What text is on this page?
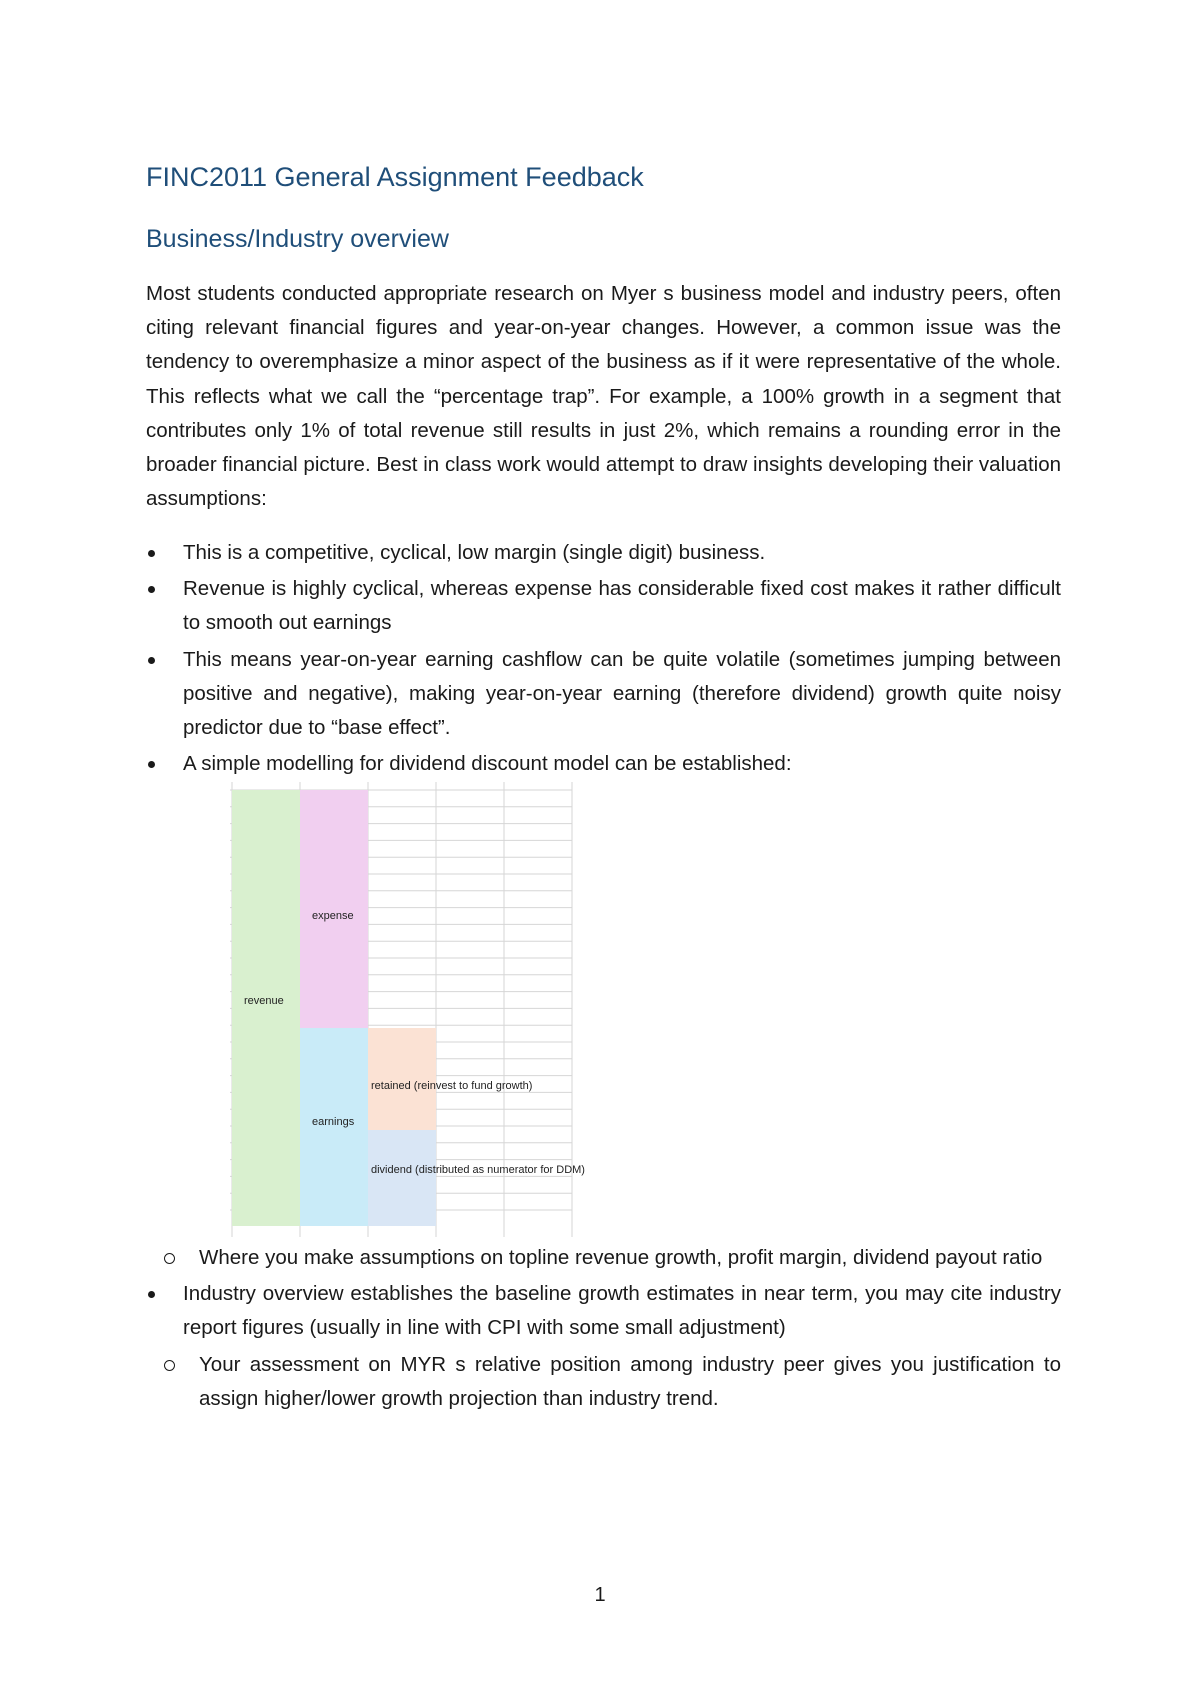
FINC2011 General Assignment Feedback
Business/Industry overview

Most students conducted appropriate research on Myer s business model and industry peers, often citing relevant financial figures and year-on-year changes. However, a common issue was the tendency to overemphasize a minor aspect of the business as if it were representative of the whole. This reflects what we call the “percentage trap”. For example, a 100% growth in a segment that contributes only 1% of total revenue still results in just 2%, which remains a rounding error in the broader financial picture. Best in class work would attempt to draw insights developing their valuation assumptions:

This is a competitive, cyclical, low margin (single digit) business.
Revenue is highly cyclical, whereas expense has considerable fixed cost makes it rather difficult to smooth out earnings
This means year-on-year earning cashflow can be quite volatile (sometimes jumping between positive and negative), making year-on-year earning (therefore dividend) growth quite noisy predictor due to “base effect”.
A simple modelling for dividend discount model can be established:
revenue
expense
earnings
retained (reinvest to fund growth)
dividend (distributed as numerator for DDM)
Where you make assumptions on topline revenue growth, profit margin, dividend payout ratio
Industry overview establishes the baseline growth estimates in near term, you may cite industry report figures (usually in line with CPI with some small adjustment)
Your assessment on MYR s relative position among industry peer gives you justification to assign higher/lower growth projection than industry trend.
1
